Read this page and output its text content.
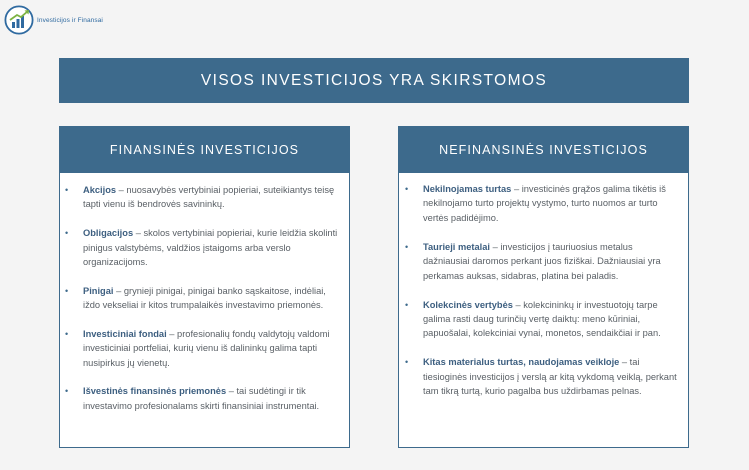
Investicijos ir Finansai
VISOS INVESTICIJOS YRA SKIRSTOMOS
FINANSINĖS INVESTICIJOS
•	Akcijos – nuosavybės vertybiniai popieriai, suteikiantys teisę tapti vienu iš bendrovės savininkų.
•	Obligacijos – skolos vertybiniai popieriai, kurie leidžia skolinti pinigus valstybėms, valdžios įstaigoms arba verslo organizacijoms.
•	Pinigai – grynieji pinigai, pinigai banko sąskaitose, indėliai, iždo vekseliai ir kitos trumpalaikės investavimo priemonės.
•	Investiciniai fondai – profesionalių fondų valdytojų valdomi investiciniai portfeliai, kurių vienu iš dalininkų galima tapti nusipirkus jų vienetų.
•	Išvestinės finansinės priemonės – tai sudėtingi ir tik investavimo profesionalams skirti finansiniai instrumentai.
NEFINANSINĖS INVESTICIJOS
•	Nekilnojamas turtas – investicinės grąžos galima tikėtis iš nekilnojamo turto projektų vystymo, turto nuomos ar turto vertės padidėjimo.
•	Taurieji metalai – investicijos į tauriuosius metalus dažniausiai daromos perkant juos fiziškai. Dažniausiai yra perkamas auksas, sidabras, platina bei paladis.
•	Kolekcinės vertybės – kolekcininkų ir investuotojų tarpe galima rasti daug turinčių vertę daiktų: meno kūriniai, papuošalai, kolekciniai vynai, monetos, sendaikčiai ir pan.
•	Kitas materialus turtas, naudojamas veikloje – tai tiesioginės investicijos į verslą ar kitą vykdomą veiklą, perkant tam tikrą turtą, kurio pagalba bus uždirbamas pelnas.
